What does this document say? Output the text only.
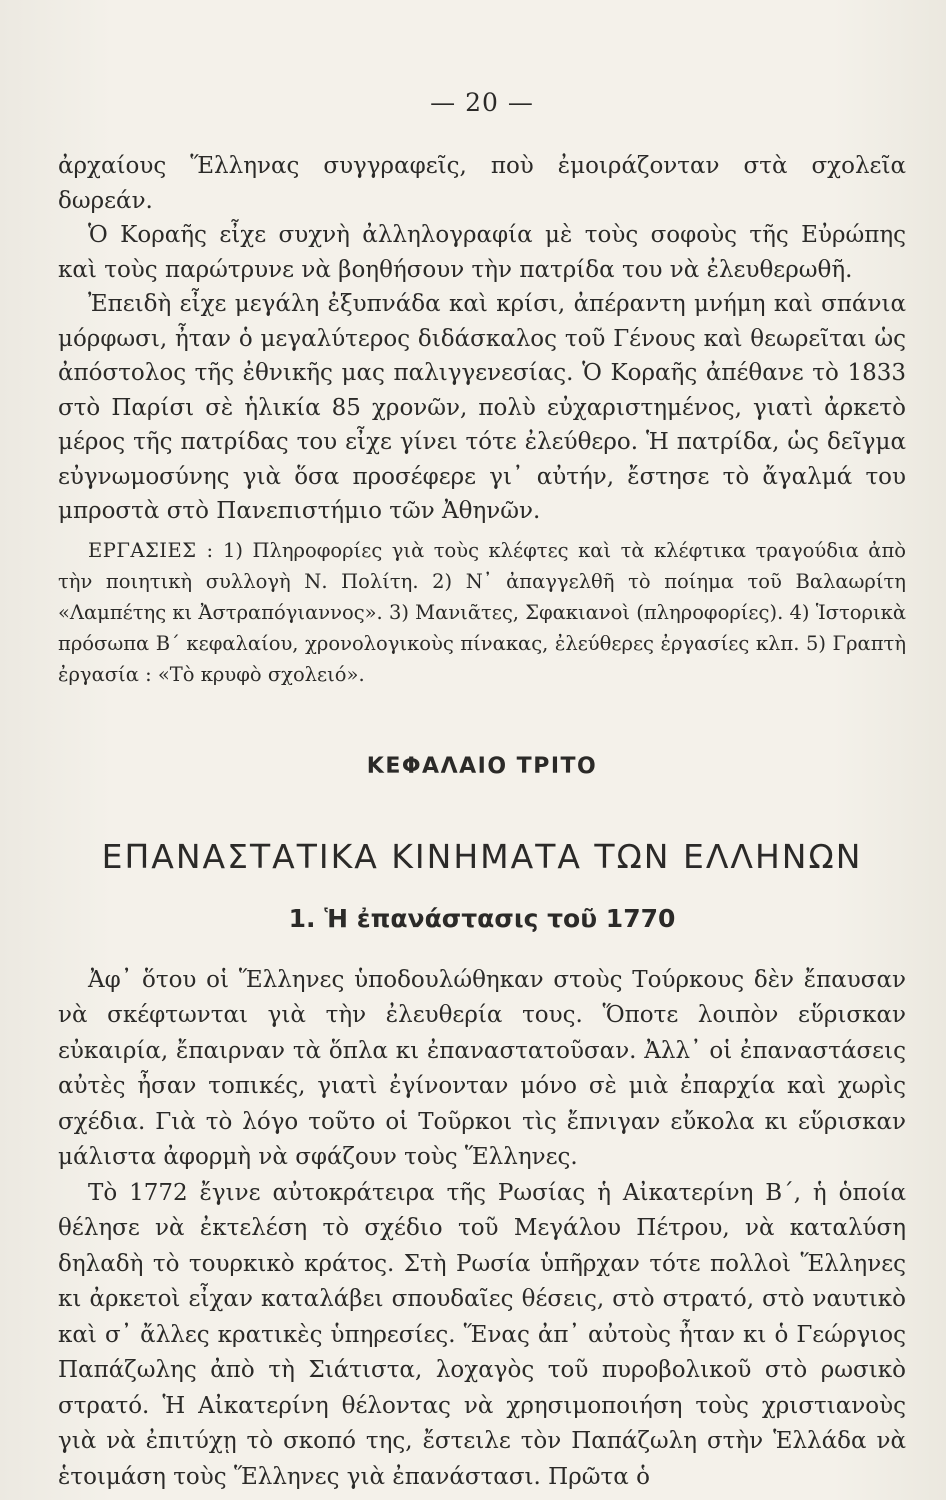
— 20 —

ἀρχαίους Ἕλληνας συγγραφεῖς, ποὺ ἐμοιράζονταν στὰ σχολεῖα δωρεάν.

Ὁ Κοραῆς εἶχε συχνὴ ἀλληλογραφία μὲ τοὺς σοφοὺς τῆς Εὐρώπης καὶ τοὺς παρώτρυνε νὰ βοηθήσουν τὴν πατρίδα του νὰ ἐλευθερωθῆ.

Ἐπειδὴ εἶχε μεγάλη ἐξυπνάδα καὶ κρίσι, ἀπέραντη μνήμη καὶ σπάνια μόρφωσι, ἦταν ὁ μεγαλύτερος διδάσκαλος τοῦ Γένους καὶ θεωρεῖται ὡς ἀπόστολος τῆς ἐθνικῆς μας παλιγγενεσίας. Ὁ Κοραῆς ἀπέθανε τὸ 1833 στὸ Παρίσι σὲ ἡλικία 85 χρονῶν, πολὺ εὐχαριστημένος, γιατὶ ἀρκετὸ μέρος τῆς πατρίδας του εἶχε γίνει τότε ἐλεύθερο. Ἡ πατρίδα, ὡς δεῖγμα εὐγνωμοσύνης γιὰ ὅσα προσέφερε γι᾿ αὐτήν, ἔστησε τὸ ἄγαλμά του μπροστὰ στὸ Πανεπιστήμιο τῶν Ἀθηνῶν.

ΕΡΓΑΣΙΕΣ : 1) Πληροφορίες γιὰ τοὺς κλέφτες καὶ τὰ κλέφτικα τραγούδια ἀπὸ τὴν ποιητικὴ συλλογὴ Ν. Πολίτη. 2) Ν᾿ ἀπαγγελθῆ τὸ ποίημα τοῦ Βαλαωρίτη «Λαμπέτης κι Ἀστραπόγιαννος». 3) Μανιᾶτες, Σφακιανοὶ (πληροφορίες). 4) Ἱστορικὰ πρόσωπα Β΄ κεφαλαίου, χρονολογικοὺς πίνακας, ἐλεύθερες ἐργασίες κλπ. 5) Γραπτὴ ἐργασία : «Τὸ κρυφὸ σχολειό».

ΚΕΦΑΛΑΙΟ ΤΡΙΤΟ
ΕΠΑΝΑΣΤΑΤΙΚΑ ΚΙΝΗΜΑΤΑ ΤΩΝ ΕΛΛΗΝΩΝ
1. Ἡ ἐπανάστασις τοῦ 1770

Ἀφ᾿ ὅτου οἱ Ἕλληνες ὑποδουλώθηκαν στοὺς Τούρκους δὲν ἔπαυσαν νὰ σκέφτωνται γιὰ τὴν ἐλευθερία τους. Ὅποτε λοιπὸν εὕρισκαν εὐκαιρία, ἔπαιρναν τὰ ὅπλα κι ἐπαναστατοῦσαν. Ἀλλ᾿ οἱ ἐπαναστάσεις αὐτὲς ἦσαν τοπικές, γιατὶ ἐγίνονταν μόνο σὲ μιὰ ἐπαρχία καὶ χωρὶς σχέδια. Γιὰ τὸ λόγο τοῦτο οἱ Τοῦρκοι τὶς ἔπνιγαν εὔκολα κι εὕρισκαν μάλιστα ἀφορμὴ νὰ σφάζουν τοὺς Ἕλληνες.

Τὸ 1772 ἔγινε αὐτοκράτειρα τῆς Ρωσίας ἡ Αἰκατερίνη Β΄, ἡ ὁποία θέλησε νὰ ἐκτελέση τὸ σχέδιο τοῦ Μεγάλου Πέτρου, νὰ καταλύση δηλαδὴ τὸ τουρκικὸ κράτος. Στὴ Ρωσία ὑπῆρχαν τότε πολλοὶ Ἕλληνες κι ἀρκετοὶ εἶχαν καταλάβει σπουδαῖες θέσεις, στὸ στρατό, στὸ ναυτικὸ καὶ σ᾿ ἄλλες κρατικὲς ὑπηρεσίες. Ἕνας ἀπ᾿ αὐτοὺς ἦταν κι ὁ Γεώργιος Παπάζωλης ἀπὸ τὴ Σιάτιστα, λοχαγὸς τοῦ πυροβολικοῦ στὸ ρωσικὸ στρατό. Ἡ Αἰκατερίνη θέλοντας νὰ χρησιμοποιήση τοὺς χριστιανοὺς γιὰ νὰ ἐπιτύχῃ τὸ σκοπό της, ἔστειλε τὸν Παπάζωλη στὴν Ἑλλάδα νὰ ἑτοιμάση τοὺς Ἕλληνες γιὰ ἐπανάστασι. Πρῶτα ὁ
